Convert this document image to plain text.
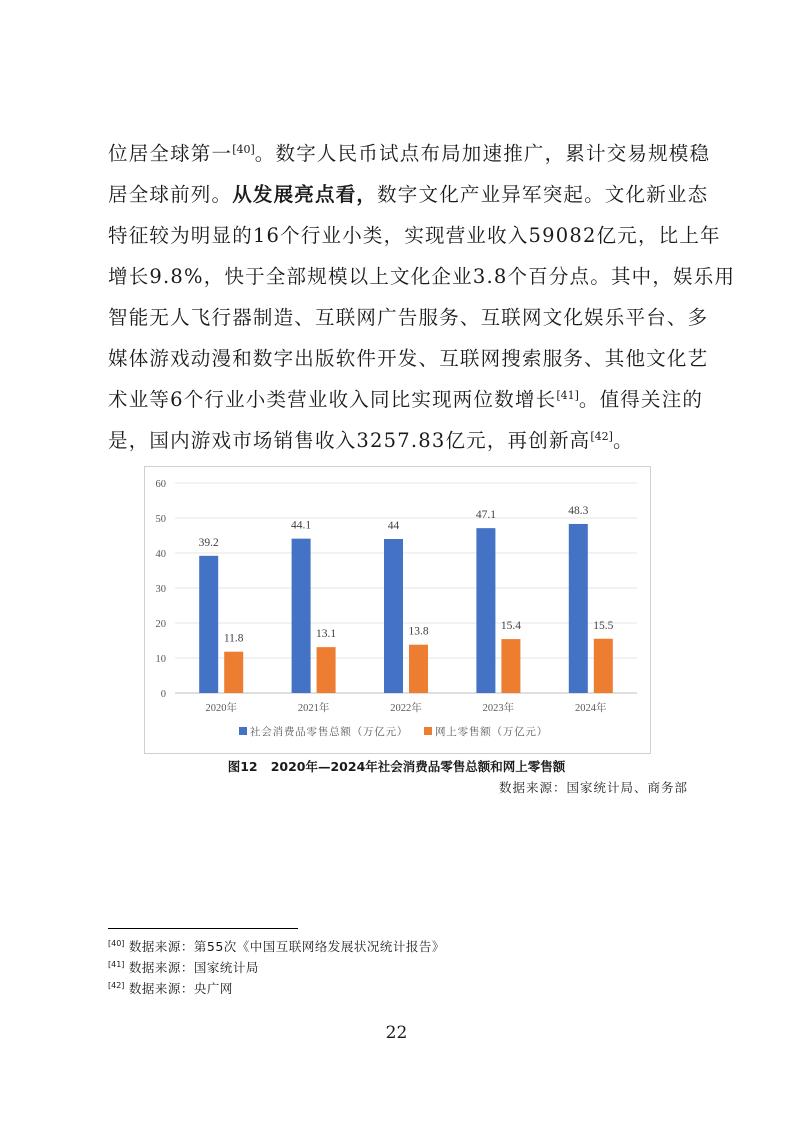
位居全球第一[40]。数字人民币试点布局加速推广，累计交易规模稳
居全球前列。从发展亮点看，数字文化产业异军突起。文化新业态
特征较为明显的16个行业小类，实现营业收入59082亿元，比上年
增长9.8%，快于全部规模以上文化企业3.8个百分点。其中，娱乐用
智能无人飞行器制造、互联网广告服务、互联网文化娱乐平台、多
媒体游戏动漫和数字出版软件开发、互联网搜索服务、其他文化艺
术业等6个行业小类营业收入同比实现两位数增长[41]。值得关注的
是，国内游戏市场销售收入3257.83亿元，再创新高[42]。
0
10
20
30
40
50
60
39.2
11.8
2020年
44.1
13.1
2021年
44
13.8
2022年
47.1
15.4
2023年
48.3
15.5
2024年
社会消费品零售总额（万亿元）	网上零售额（万亿元）
图12 2020年—2024年社会消费品零售总额和网上零售额
数据来源：国家统计局、商务部
[40] 数据来源：第55次《中国互联网络发展状况统计报告》
[41] 数据来源：国家统计局
[42] 数据来源：央广网
22
